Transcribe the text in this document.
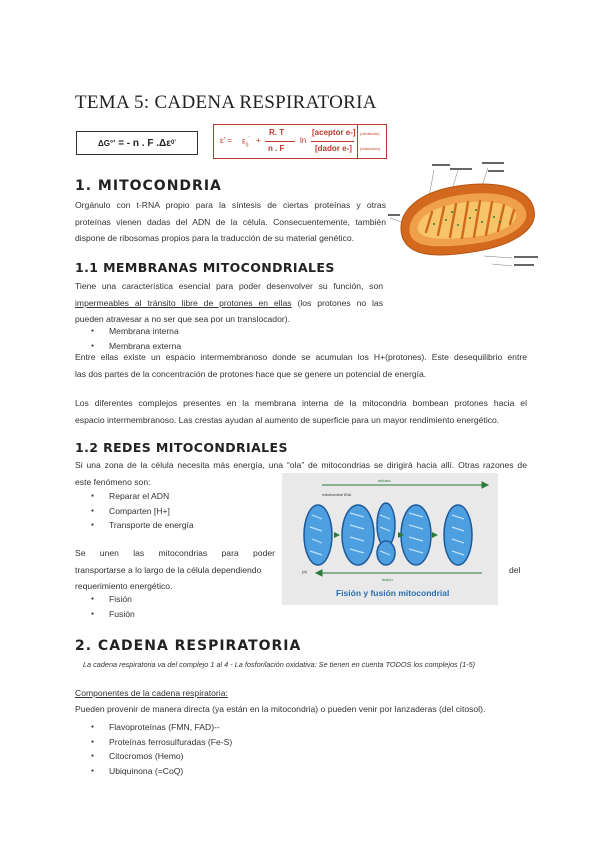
TEMA 5: CADENA RESPIRATORIA
ΔG°’
= - n . F .Δε 0 ’	ε’ = $\varepsilon_0^’$ +
R. T
n . F
ln
[aceptor e-]
[dador e-]
(oxidación)
(reducción)
1. MITOCONDRIA
Orgánulo con t-RNA propio para la síntesis de ciertas proteínas y otras
proteínas vienen dadas del ADN de la célula. Consecuentemente, también
dispone de ribosomas propios para la traducción de su material genético.
1.1 MEMBRANAS MITOCONDRIALES
Tiene una característica esencial para poder desenvolver su función, son
impermeables al tránsito libre de protones en ellas (los protones no las
pueden atravesar a no ser que sea por un translocador).
● Membrana interna
● Membrana externa
Entre ellas existe un espacio intermembranoso donde se acumulan los H+(protones). Este desequilibrio entre
las dos partes de la concentración de protones hace que se genere un potencial de energía.
Los diferentes complejos presentes en la membrana interna de la mitocondria bombean protones hacia el
espacio intermembranoso. Las crestas ayudan al aumento de superficie para un mayor rendimiento energético.
1.2 REDES MITOCONDRIALES
Si una zona de la célula necesita más energía, una “ola” de mitocondrias se dirigirá hacia allí. Otras razones de
este fenómeno son:
● Reparar el ADN
● Comparten [H+]
● Transporte de energía
mitosis
mitochondrial DNA
(a)
fusión
Fisión y fusión mitocondrial
Se unen las mitocondrias para poder
transportarse a lo largo de la célula dependiendo	del
requerimiento energético.
● Fisión
● Fusión
2. CADENA RESPIRATORIA
La cadena respiratoria va del complejo 1 al 4 - La fosforilación oxidativa: Se tienen en cuenta TODOS los complejos (1-5)
Componentes de la cadena respiratoria:
Pueden provenir de manera directa (ya están en la mitocondria) o pueden venir por lanzaderas (del citosol).
● Flavoproteínas (FMN, FAD)--
● Proteínas ferrosulfuradas (Fe-S)
● Citocromos (Hemo)
● Ubiquinona (=CoQ)
